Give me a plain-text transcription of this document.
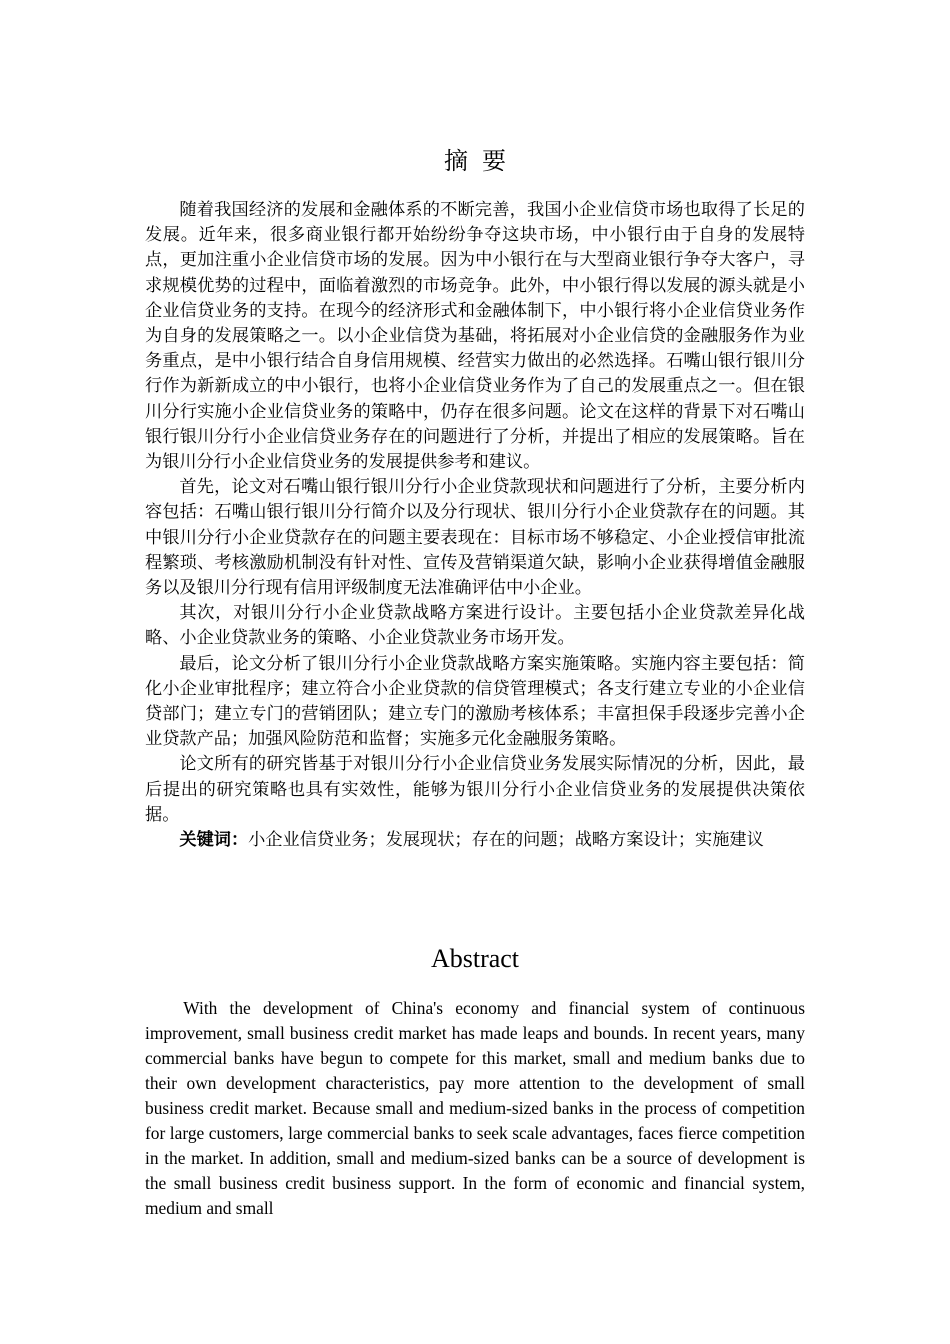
摘要

随着我国经济的发展和金融体系的不断完善，我国小企业信贷市场也取得了长足的发展。近年来，很多商业银行都开始纷纷争夺这块市场，中小银行由于自身的发展特点，更加注重小企业信贷市场的发展。因为中小银行在与大型商业银行争夺大客户，寻求规模优势的过程中，面临着激烈的市场竞争。此外，中小银行得以发展的源头就是小企业信贷业务的支持。在现今的经济形式和金融体制下，中小银行将小企业信贷业务作为自身的发展策略之一。以小企业信贷为基础，将拓展对小企业信贷的金融服务作为业务重点，是中小银行结合自身信用规模、经营实力做出的必然选择。石嘴山银行银川分行作为新新成立的中小银行，也将小企业信贷业务作为了自己的发展重点之一。但在银川分行实施小企业信贷业务的策略中，仍存在很多问题。论文在这样的背景下对石嘴山银行银川分行小企业信贷业务存在的问题进行了分析，并提出了相应的发展策略。旨在为银川分行小企业信贷业务的发展提供参考和建议。

首先，论文对石嘴山银行银川分行小企业贷款现状和问题进行了分析，主要分析内容包括：石嘴山银行银川分行简介以及分行现状、银川分行小企业贷款存在的问题。其中银川分行小企业贷款存在的问题主要表现在：目标市场不够稳定、小企业授信审批流程繁琐、考核激励机制没有针对性、宣传及营销渠道欠缺，影响小企业获得增值金融服务以及银川分行现有信用评级制度无法准确评估中小企业。

其次，对银川分行小企业贷款战略方案进行设计。主要包括小企业贷款差异化战略、小企业贷款业务的策略、小企业贷款业务市场开发。

最后，论文分析了银川分行小企业贷款战略方案实施策略。实施内容主要包括：简化小企业审批程序；建立符合小企业贷款的信贷管理模式；各支行建立专业的小企业信贷部门；建立专门的营销团队；建立专门的激励考核体系；丰富担保手段逐步完善小企业贷款产品；加强风险防范和监督；实施多元化金融服务策略。

论文所有的研究皆基于对银川分行小企业信贷业务发展实际情况的分析，因此，最后提出的研究策略也具有实效性，能够为银川分行小企业信贷业务的发展提供决策依据。

关键词：小企业信贷业务；发展现状；存在的问题；战略方案设计；实施建议

Abstract

With the development of China's economy and financial system of continuous improvement, small business credit market has made leaps and bounds. In recent years, many commercial banks have begun to compete for this market, small and medium banks due to their own development characteristics, pay more attention to the development of small business credit market. Because small and medium-sized banks in the process of competition for large customers, large commercial banks to seek scale advantages, faces fierce competition in the market. In addition, small and medium-sized banks can be a source of development is the small business credit business support. In the form of economic and financial system, medium and small
